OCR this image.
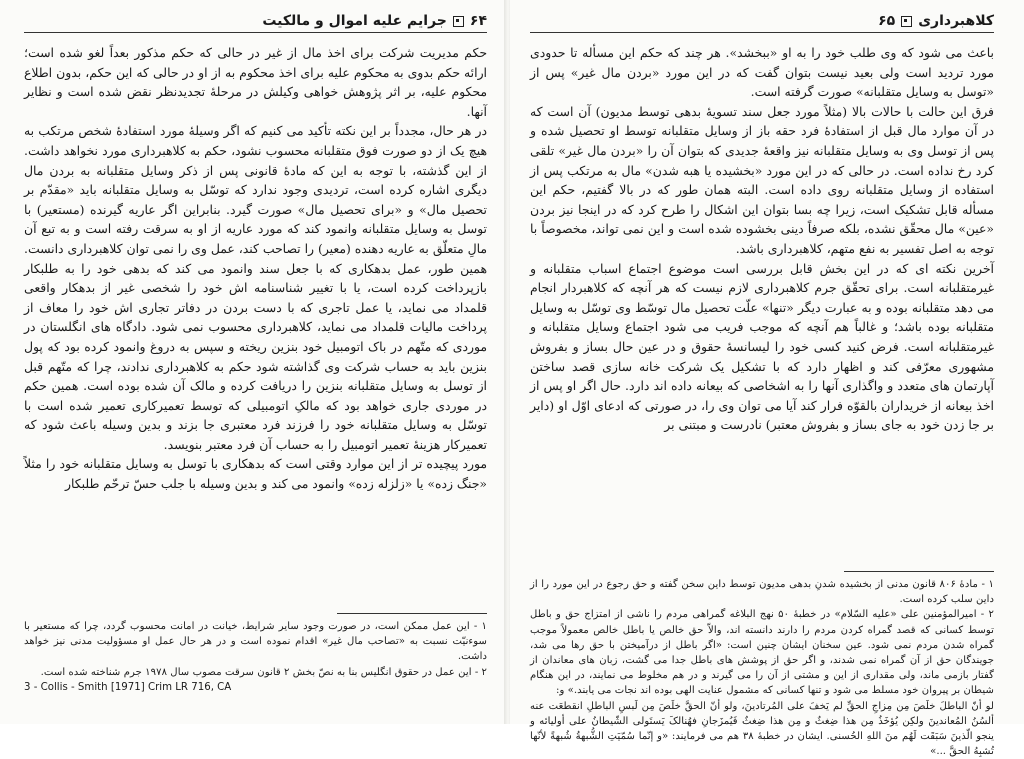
۶۴
جرایم علیه اموال و مالکیت

حکم مدیریت شرکت برای اخذ مال از غیر در حالی که حکم مذکور بعداً لغو شده است؛ ارائه حکم بدوی به محکوم علیه برای اخذ محکوم به از او در حالی که این حکم، بدون اطلاع محکوم علیه، بر اثر پژوهش خواهی وکیلش در مرحلهٔ تجدیدنظر نقض شده است و نظایر آنها.

در هر حال، مجدداً بر این نکته تأکید می کنیم که اگر وسیلهٔ مورد استفادهٔ شخص مرتکب به هیچ یک از دو صورت فوق متقلبانه محسوب نشود، حکم به کلاهبرداری مورد نخواهد داشت. از این گذشته، با توجه به این که مادهٔ قانونی پس از ذکر وسایل متقلبانه به بردن مال دیگری اشاره کرده است، تردیدی وجود ندارد که توسّل به وسایل متقلبانه باید «مقدّم بر تحصیل مال» و «برای تحصیل مال» صورت گیرد. بنابراین اگر عاریه گیرنده (مستعیر) با توسل به وسایل متقلبانه وانمود کند که مورد عاریه از او به سرقت رفته است و به تبع آن مالِ متعلّق به عاریه دهنده (معیر) را تصاحب کند، عمل وی را نمی توان کلاهبرداری دانست. همین طور، عمل بدهکاری که با جعل سند وانمود می کند که بدهی خود را به طلبکار بازپرداخت کرده است، یا با تغییر شناسنامه اش خود را شخصی غیر از بدهکار واقعی قلمداد می نماید، یا عمل تاجری که با دست بردن در دفاتر تجاری اش خود را معاف از پرداخت مالیات قلمداد می نماید، کلاهبرداری محسوب نمی شود. دادگاه های انگلستان در موردی که متّهم در باک اتومبیل خود بنزین ریخته و سپس به دروغ وانمود کرده بود که پول بنزین باید به حساب شرکت وی گذاشته شود حکم به کلاهبرداری ندادند، چرا که متّهم قبل از توسل به وسایل متقلبانه بنزین را دریافت کرده و مالک آن شده بوده است. همین حکم در موردی جاری خواهد بود که مالکِ اتومبیلی که توسط تعمیرکاری تعمیر شده است با توسّل به وسایل متقلبانه خود را فرزند فرد معتبری جا بزند و بدین وسیله باعث شود که تعمیرکار هزینهٔ تعمیر اتومبیل را به حساب آن فرد معتبر بنویسد.

مورد پیچیده تر از این موارد وقتی است که بدهکاری با توسل به وسایل متقلبانه خود را مثلاً «جنگ زده» یا «زلزله زده» وانمود می کند و بدین وسیله با جلب حسّ ترحّم طلبکار

۱ - این عمل ممکن است، در صورت وجود سایر شرایط، خیانت در امانت محسوب گردد، چرا که مستعیر با سوءنیّت نسبت به «تصاحب مال غیر» اقدام نموده است و در هر حال عمل او مسؤولیت مدنی نیز خواهد داشت.

۲ - این عمل در حقوق انگلیس بنا به نصّ بخش ۲ قانون سرقت مصوب سال ۱۹۷۸ جرم شناخته شده است.

3 - Collis - Smith [1971] Crim LR 716, CA

کلاهبرداری
۶۵

باعث می شود که وی طلب خود را به او «ببخشد». هر چند که حکم این مسأله تا حدودی مورد تردید است ولی بعید نیست بتوان گفت که در این مورد «بردن مال غیر» پس از «توسل به وسایل متقلبانه» صورت گرفته است.

فرق این حالت با حالات بالا (مثلاً مورد جعل سند تسویهٔ بدهی توسط مدیون) آن است که در آن موارد مال قبل از استفادهٔ فرد حقه باز از وسایل متقلبانه توسط او تحصیل شده و پس از توسل وی به وسایل متقلبانه نیز واقعهٔ جدیدی که بتوان آن را «بردن مال غیر» تلقی کرد رخ نداده است. در حالی که در این مورد «بخشیده یا هبه شدن» مال به مرتکب پس از استفاده از وسایل متقلبانه روی داده است. البته همان طور که در بالا گفتیم، حکم این مسأله قابل تشکیک است، زیرا چه بسا بتوان این اشکال را طرح کرد که در اینجا نیز بردن «عین» مال محقّق نشده، بلکه صرفاً دینی بخشوده شده است و این نمی تواند، مخصوصاً با توجه به اصل تفسیر به نفع متهم، کلاهبرداری باشد.

آخرین نکته ای که در این بخش قابل بررسی است موضوع اجتماع اسباب متقلبانه و غیرمتقلبانه است. برای تحقّق جرم کلاهبرداری لازم نیست که هر آنچه که کلاهبردار انجام می دهد متقلبانه بوده و به عبارت دیگر «تنها» علّت تحصیل مال توسّط وی توسّل به وسایل متقلبانه بوده باشد؛ و غالباً هم آنچه که موجب فریب می شود اجتماع وسایل متقلبانه و غیرمتقلبانه است. فرض کنید کسی خود را لیسانسهٔ حقوق و در عین حال بساز و بفروش مشهوری معرّفی کند و اظهار دارد که با تشکیل یک شرکت خانه سازی قصد ساختن آپارتمان های متعدد و واگذاری آنها را به اشخاصی که بیعانه داده اند دارد. حال اگر او پس از اخذ بیعانه از خریداران بالقوّه فرار کند آیا می توان وی را، در صورتی که ادعای اوّل او (دایر بر جا زدن خود به جای بساز و بفروش معتبر) نادرست و مبتنی بر

۱ - مادهٔ ۸۰۶ قانون مدنی از بخشیده شدنِ بدهی مدیون توسط داین سخن گفته و حق رجوع در این مورد را از داین سلب کرده است.

۲ - امیرالمؤمنین علی «علیه السّلام» در خطبهٔ ۵۰ نهج البلاغه گمراهی مردم را ناشی از امتزاج حق و باطل توسط کسانی که قصد گمراه کردن مردم را دارند دانسته اند، والاّ حق خالص یا باطل خالص معمولاً موجب گمراه شدن مردم نمی شود. عین سخنان ایشان چنین است: «اگر باطل از درآمیختن با حق رها می شد، جویندگان حق از آن گمراه نمی شدند، و اگر حق از پوشش های باطل جدا می گشت، زبان های معاندان از گفتار بازمی ماند، ولی مقداری از این و مشتی از آن را می گیرند و در هم مخلوط می نمایند، در این هنگام شیطان بر پیروان خود مسلط می شود و تنها کسانی که مشمول عنایت الهی بوده اند نجات می یابند.» و:

لو أنّ الباطلَ خلَصَ مِن مِزاجِ الحقِّ لم یَخفَ علی المُرتادینَ، ولو أنّ الحقَّ خلَصَ مِن لَبسِ الباطلِ انقطعَت عنه ألسُنُ المُعاندینَ ولکِن یُؤخَذُ مِن هذا ضِغثٌ و مِن هذا ضِغثٌ فَیُمزَجانِ فهُنالکَ یَستَولی الشّیطانُ علی أولیائه و ینجو الّذینَ سَبَقَت لَهُم منَ اللهِ الحُسنی. ایشان در خطبهٔ ۳۸ هم می فرمایند: «و إنّما سُمّیَتِ الشُّبهةُ شُبهةً لأنّها تُشبِهُ الحقَّ ...»
